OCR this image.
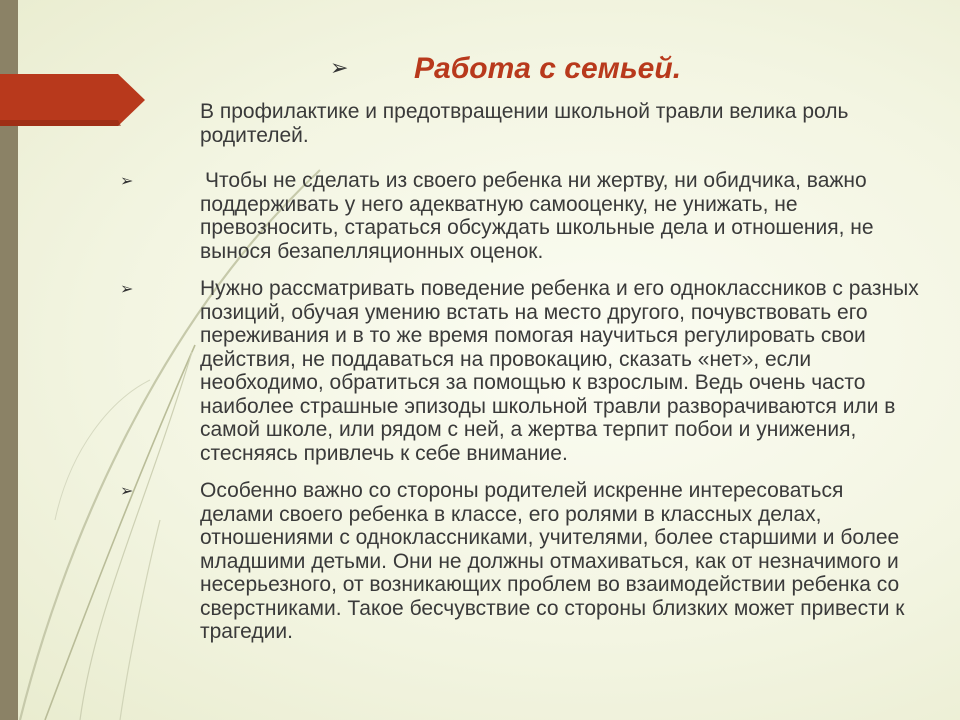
➢ Работа с семьей.

В профилактике и предотвращении школьной травли велика роль родителей.

➢	Чтобы не сделать из своего ребенка ни жертву, ни обидчика, важно поддерживать у него адекватную самооценку, не унижать, не превозносить, стараться обсуждать школьные дела и отношения, не вынося безапелляционных оценок.

➢	Нужно рассматривать поведение ребенка и его одноклассников с разных позиций, обучая умению встать на место другого, почувствовать его переживания и в то же время помогая научиться регулировать свои действия, не поддаваться на провокацию, сказать «нет», если необходимо, обратиться за помощью к взрослым. Ведь очень часто наиболее страшные эпизоды школьной травли разворачиваются или в самой школе, или рядом с ней, а жертва терпит побои и унижения, стесняясь привлечь к себе внимание.

➢	Особенно важно со стороны родителей искренне интересоваться делами своего ребенка в классе, его ролями в классных делах, отношениями с одноклассниками, учителями, более старшими и более младшими детьми. Они не должны отмахиваться, как от незначимого и несерьезного, от возникающих проблем во взаимодействии ребенка со сверстниками. Такое бесчувствие со стороны близких может привести к трагедии.
